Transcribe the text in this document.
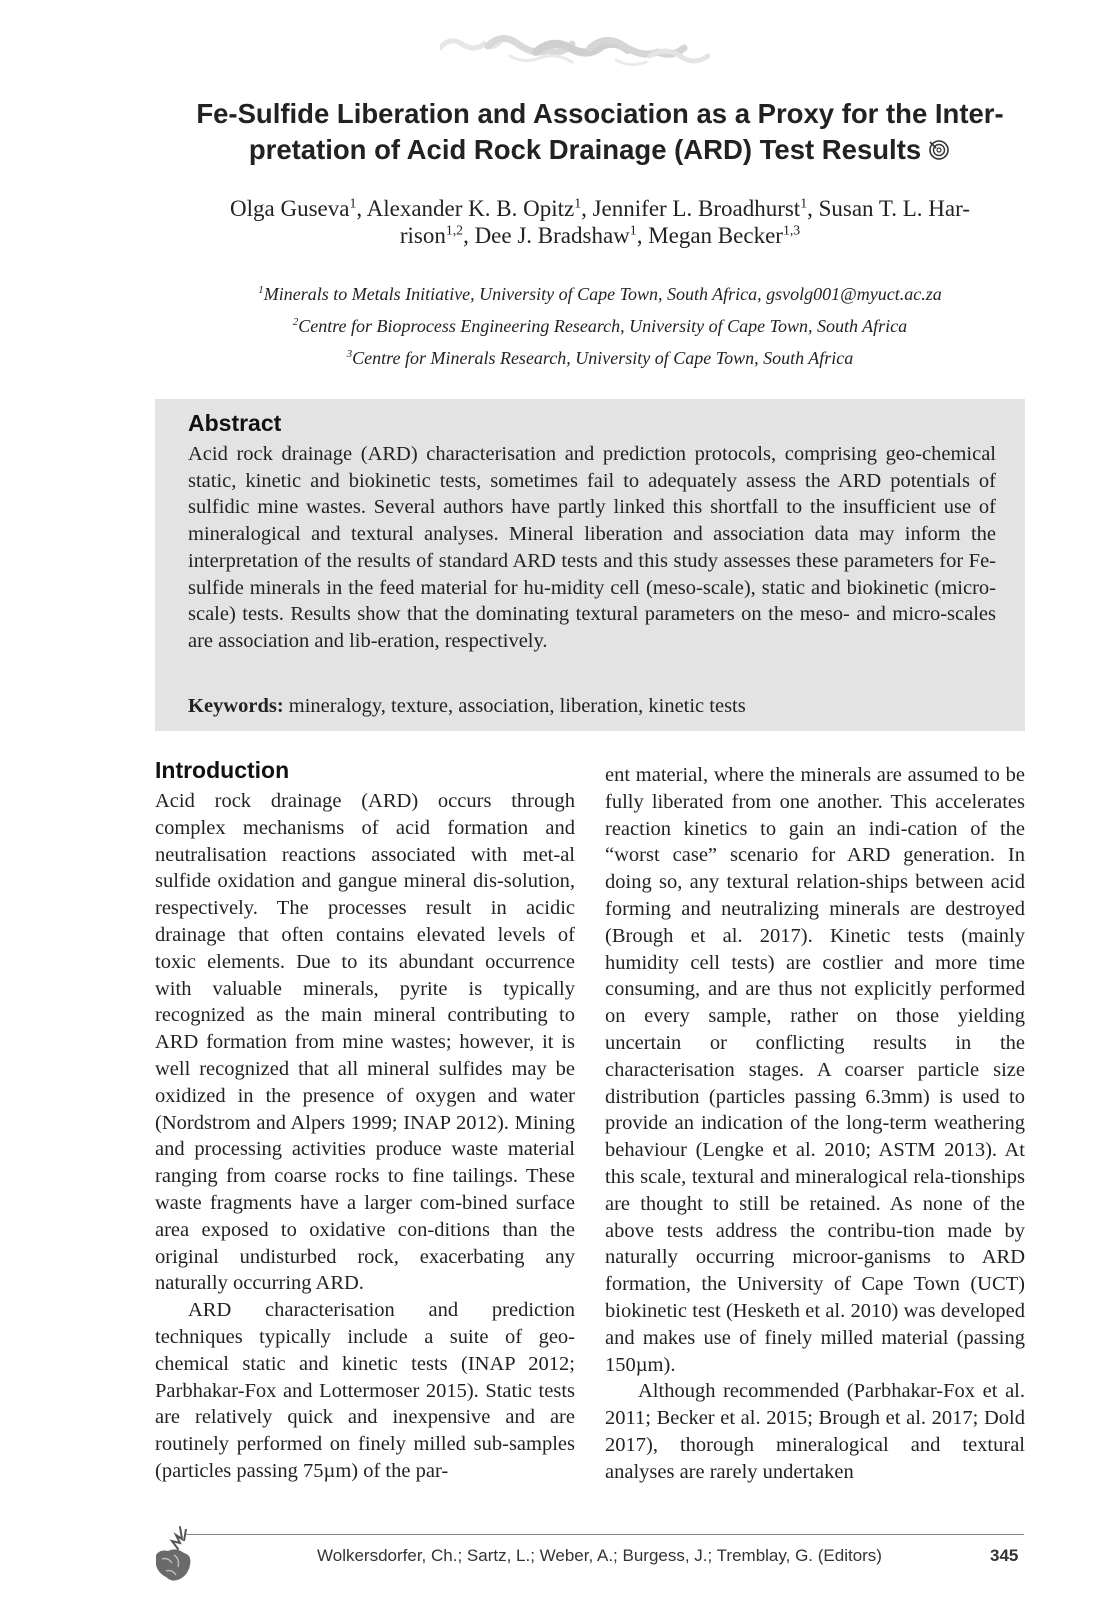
Fe-Sulfide Liberation and Association as a Proxy for the Inter-
pretation of Acid Rock Drainage (ARD) Test Results
Olga Guseva$^1$, Alexander K. B. Opitz$^1$, Jennifer L. Broadhurst$^1$, Susan T. L. Har-
rison$^{1,2}$, Dee J. Bradshaw$^1$, Megan Becker$^{1,3}$
$^1$Minerals to Metals Initiative, University of Cape Town, South Africa, gsvolg001@myuct.ac.za
$^2$Centre for Bioprocess Engineering Research, University of Cape Town, South Africa
$^3$Centre for Minerals Research, University of Cape Town, South Africa
Abstract
Acid rock drainage (ARD) characterisation and prediction protocols, comprising geo-chemical static, kinetic and biokinetic tests, sometimes fail to adequately assess the ARD potentials of sulfidic mine wastes. Several authors have partly linked this shortfall to the insufficient use of mineralogical and textural analyses. Mineral liberation and association data may inform the interpretation of the results of standard ARD tests and this study assesses these parameters for Fe-sulfide minerals in the feed material for hu-midity cell (meso-scale), static and biokinetic (micro-scale) tests. Results show that the dominating textural parameters on the meso- and micro-scales are association and lib-eration, respectively.
Keywords: mineralogy, texture, association, liberation, kinetic tests
Introduction

Acid rock drainage (ARD) occurs through complex mechanisms of acid formation and neutralisation reactions associated with met-al sulfide oxidation and gangue mineral dis-solution, respectively. The processes result in acidic drainage that often contains elevated levels of toxic elements. Due to its abundant occurrence with valuable minerals, pyrite is typically recognized as the main mineral contributing to ARD formation from mine wastes; however, it is well recognized that all mineral sulfides may be oxidized in the presence of oxygen and water (Nordstrom and Alpers 1999; INAP 2012). Mining and processing activities produce waste material ranging from coarse rocks to fine tailings. These waste fragments have a larger com-bined surface area exposed to oxidative con-ditions than the original undisturbed rock, exacerbating any naturally occurring ARD.

ARD characterisation and prediction techniques typically include a suite of geo-chemical static and kinetic tests (INAP 2012; Parbhakar-Fox and Lottermoser 2015). Static tests are relatively quick and inexpensive and are routinely performed on finely milled sub-samples (particles passing 75µm) of the par-

ent material, where the minerals are assumed to be fully liberated from one another. This accelerates reaction kinetics to gain an indi-cation of the “worst case” scenario for ARD generation. In doing so, any textural relation-ships between acid forming and neutralizing minerals are destroyed (Brough et al. 2017). Kinetic tests (mainly humidity cell tests) are costlier and more time consuming, and are thus not explicitly performed on every sample, rather on those yielding uncertain or conflicting results in the characterisation stages. A coarser particle size distribution (particles passing 6.3mm) is used to provide an indication of the long-term weathering behaviour (Lengke et al. 2010; ASTM 2013). At this scale, textural and mineralogical rela-tionships are thought to still be retained. As none of the above tests address the contribu-tion made by naturally occurring microor-ganisms to ARD formation, the University of Cape Town (UCT) biokinetic test (Hesketh et al. 2010) was developed and makes use of finely milled material (passing 150µm).

Although recommended (Parbhakar-Fox et al. 2011; Becker et al. 2015; Brough et al. 2017; Dold 2017), thorough mineralogical and textural analyses are rarely undertaken

Wolkersdorfer, Ch.; Sartz, L.; Weber, A.; Burgess, J.; Tremblay, G. (Editors)	345
